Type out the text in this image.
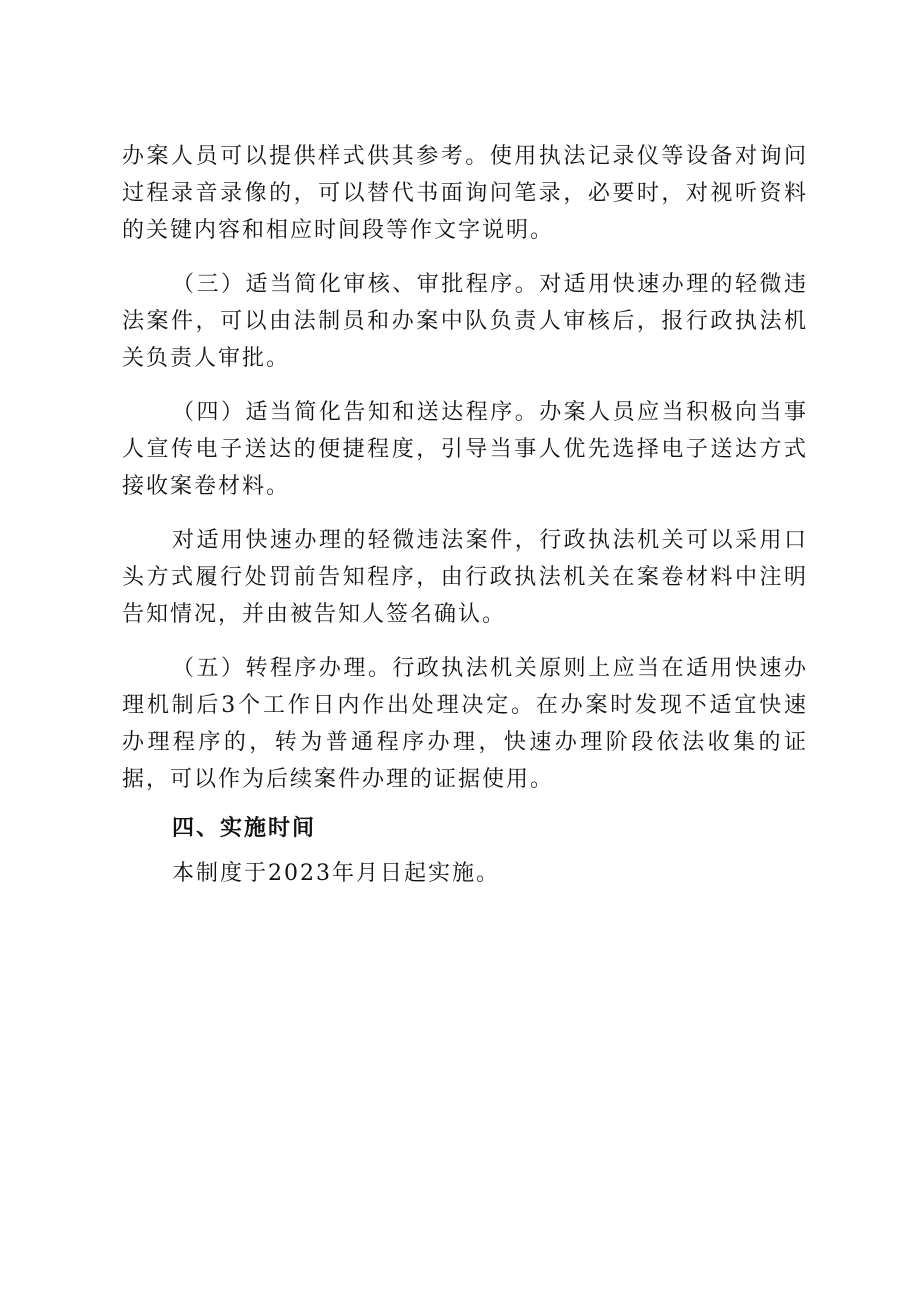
办案人员可以提供样式供其参考。使用执法记录仪等设备对询问过程录音录像的，可以替代书面询问笔录，必要时，对视听资料的关键内容和相应时间段等作文字说明。

（三）适当简化审核、审批程序。对适用快速办理的轻微违法案件，可以由法制员和办案中队负责人审核后，报行政执法机关负责人审批。

（四）适当简化告知和送达程序。办案人员应当积极向当事人宣传电子送达的便捷程度，引导当事人优先选择电子送达方式接收案卷材料。

对适用快速办理的轻微违法案件，行政执法机关可以采用口头方式履行处罚前告知程序，由行政执法机关在案卷材料中注明告知情况，并由被告知人签名确认。

（五）转程序办理。行政执法机关原则上应当在适用快速办理机制后3个工作日内作出处理决定。在办案时发现不适宜快速办理程序的，转为普通程序办理，快速办理阶段依法收集的证据，可以作为后续案件办理的证据使用。

四、实施时间

本制度于2023年月日起实施。
